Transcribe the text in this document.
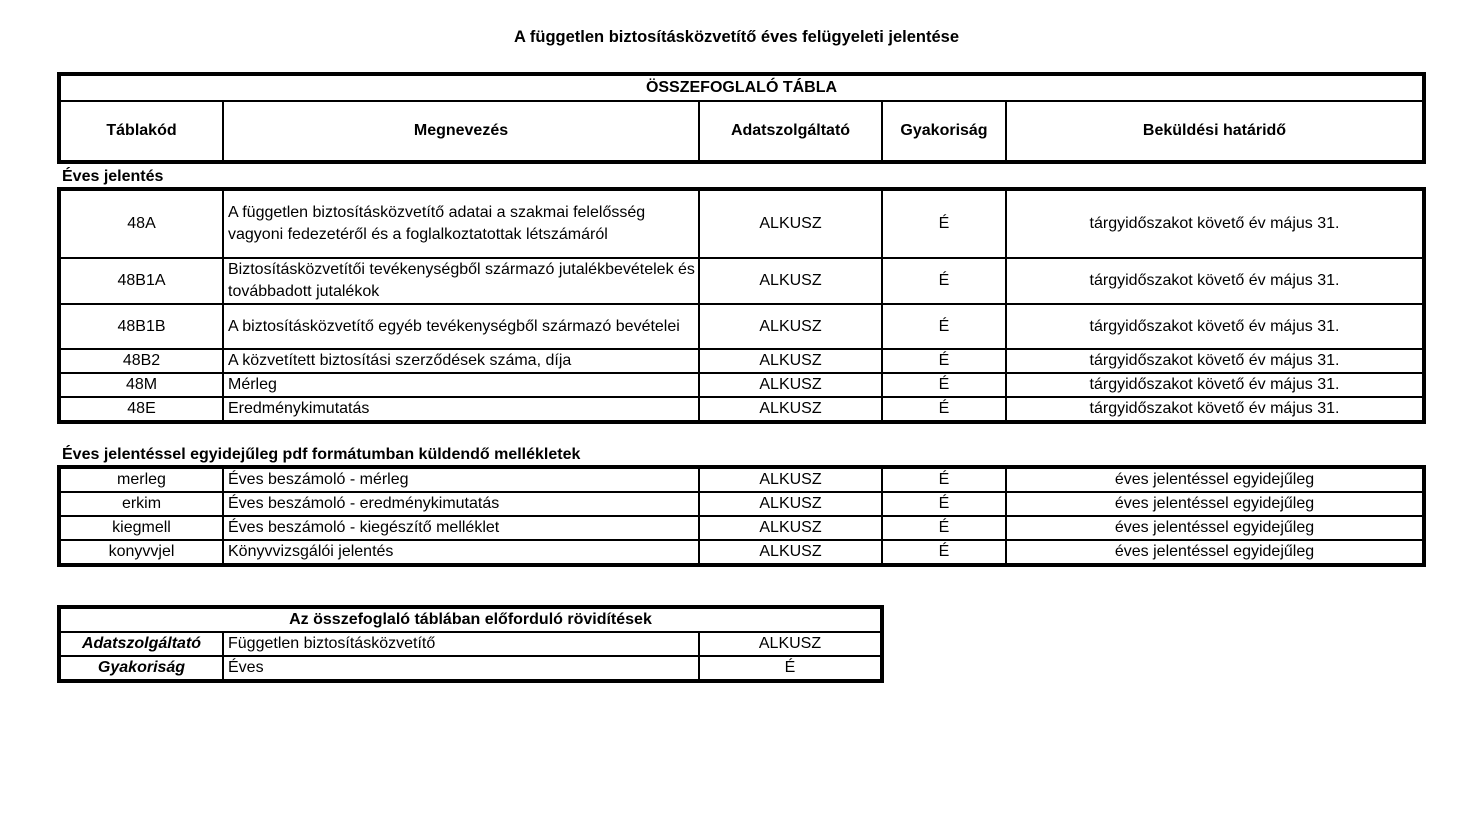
A független biztosításközvetítő éves felügyeleti jelentése
ÖSSZEFOGLALÓ TÁBLA
Táblakód	Megnevezés	Adatszolgáltató	Gyakoriság	Beküldési határidő
Éves jelentés
48A	A független biztosításközvetítő adatai a szakmai felelősség vagyoni fedezetéről és a foglalkoztatottak létszámáról	ALKUSZ	É	tárgyidőszakot követő év május 31.
48B1A	Biztosításközvetítői tevékenységből származó jutalékbevételek és továbbadott jutalékok	ALKUSZ	É	tárgyidőszakot követő év május 31.
48B1B	A biztosításközvetítő egyéb tevékenységből származó bevételei	ALKUSZ	É	tárgyidőszakot követő év május 31.
48B2	A közvetített biztosítási szerződések száma, díja	ALKUSZ	É	tárgyidőszakot követő év május 31.
48M	Mérleg	ALKUSZ	É	tárgyidőszakot követő év május 31.
48E	Eredménykimutatás	ALKUSZ	É	tárgyidőszakot követő év május 31.
Éves jelentéssel egyidejűleg pdf formátumban küldendő mellékletek
merleg	Éves beszámoló - mérleg	ALKUSZ	É	éves jelentéssel egyidejűleg
erkim	Éves beszámoló - eredménykimutatás	ALKUSZ	É	éves jelentéssel egyidejűleg
kiegmell	Éves beszámoló - kiegészítő melléklet	ALKUSZ	É	éves jelentéssel egyidejűleg
konyvvjel	Könyvvizsgálói jelentés	ALKUSZ	É	éves jelentéssel egyidejűleg
Az összefoglaló táblában előforduló rövidítések		
Adatszolgáltató	Független biztosításközvetítő	ALKUSZ
Gyakoriság	Éves	É
